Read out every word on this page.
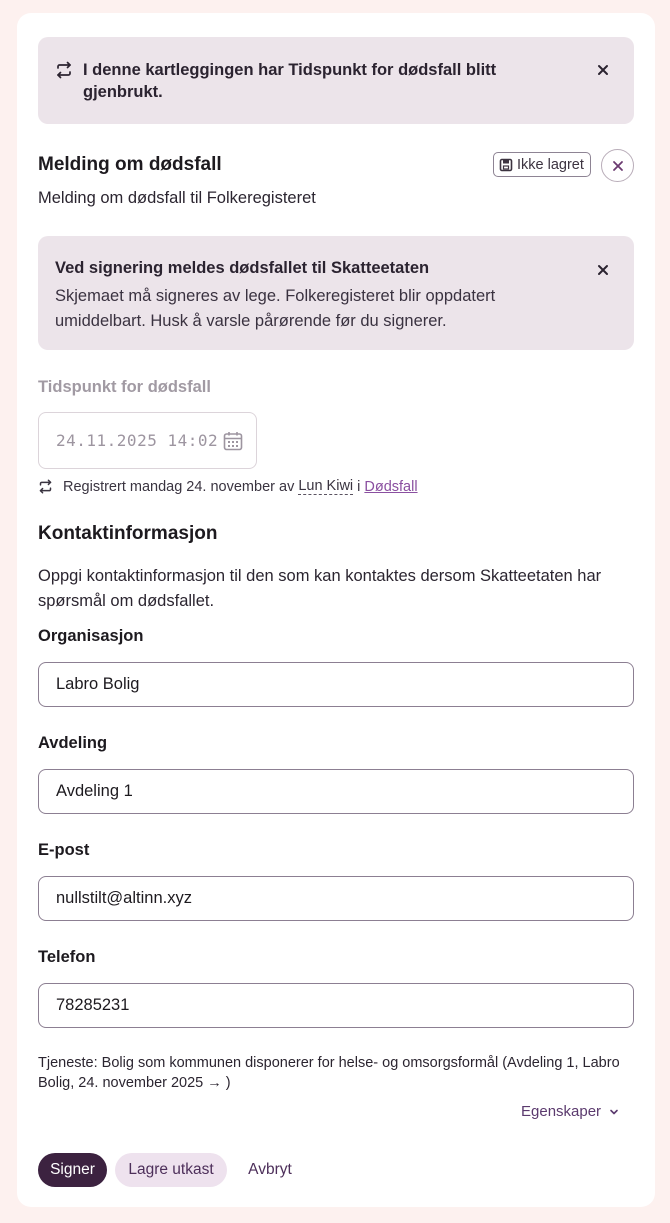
I denne kartleggingen har Tidspunkt for dødsfall blitt gjenbrukt.
Melding om dødsfall	Ikke lagret
Melding om dødsfall til Folkeregisteret
Ved signering meldes dødsfallet til Skatteetaten
Skjemaet må signeres av lege. Folkeregisteret blir oppdatert umiddelbart. Husk å varsle pårørende før du signerer.
Tidspunkt for dødsfall
24.11.2025 14:02
Registrert mandag 24. november av Lun Kiwi i Dødsfall
Kontaktinformasjon
Oppgi kontaktinformasjon til den som kan kontaktes dersom Skatteetaten har spørsmål om dødsfallet.
Organisasjon
Labro Bolig
Avdeling
Avdeling 1
E-post
nullstilt@altinn.xyz
Telefon
78285231
Tjeneste: Bolig som kommunen disponerer for helse- og omsorgsformål (Avdeling 1, Labro Bolig, 24. november 2025 → )
Egenskaper
Signer	Lagre utkast	Avbryt
